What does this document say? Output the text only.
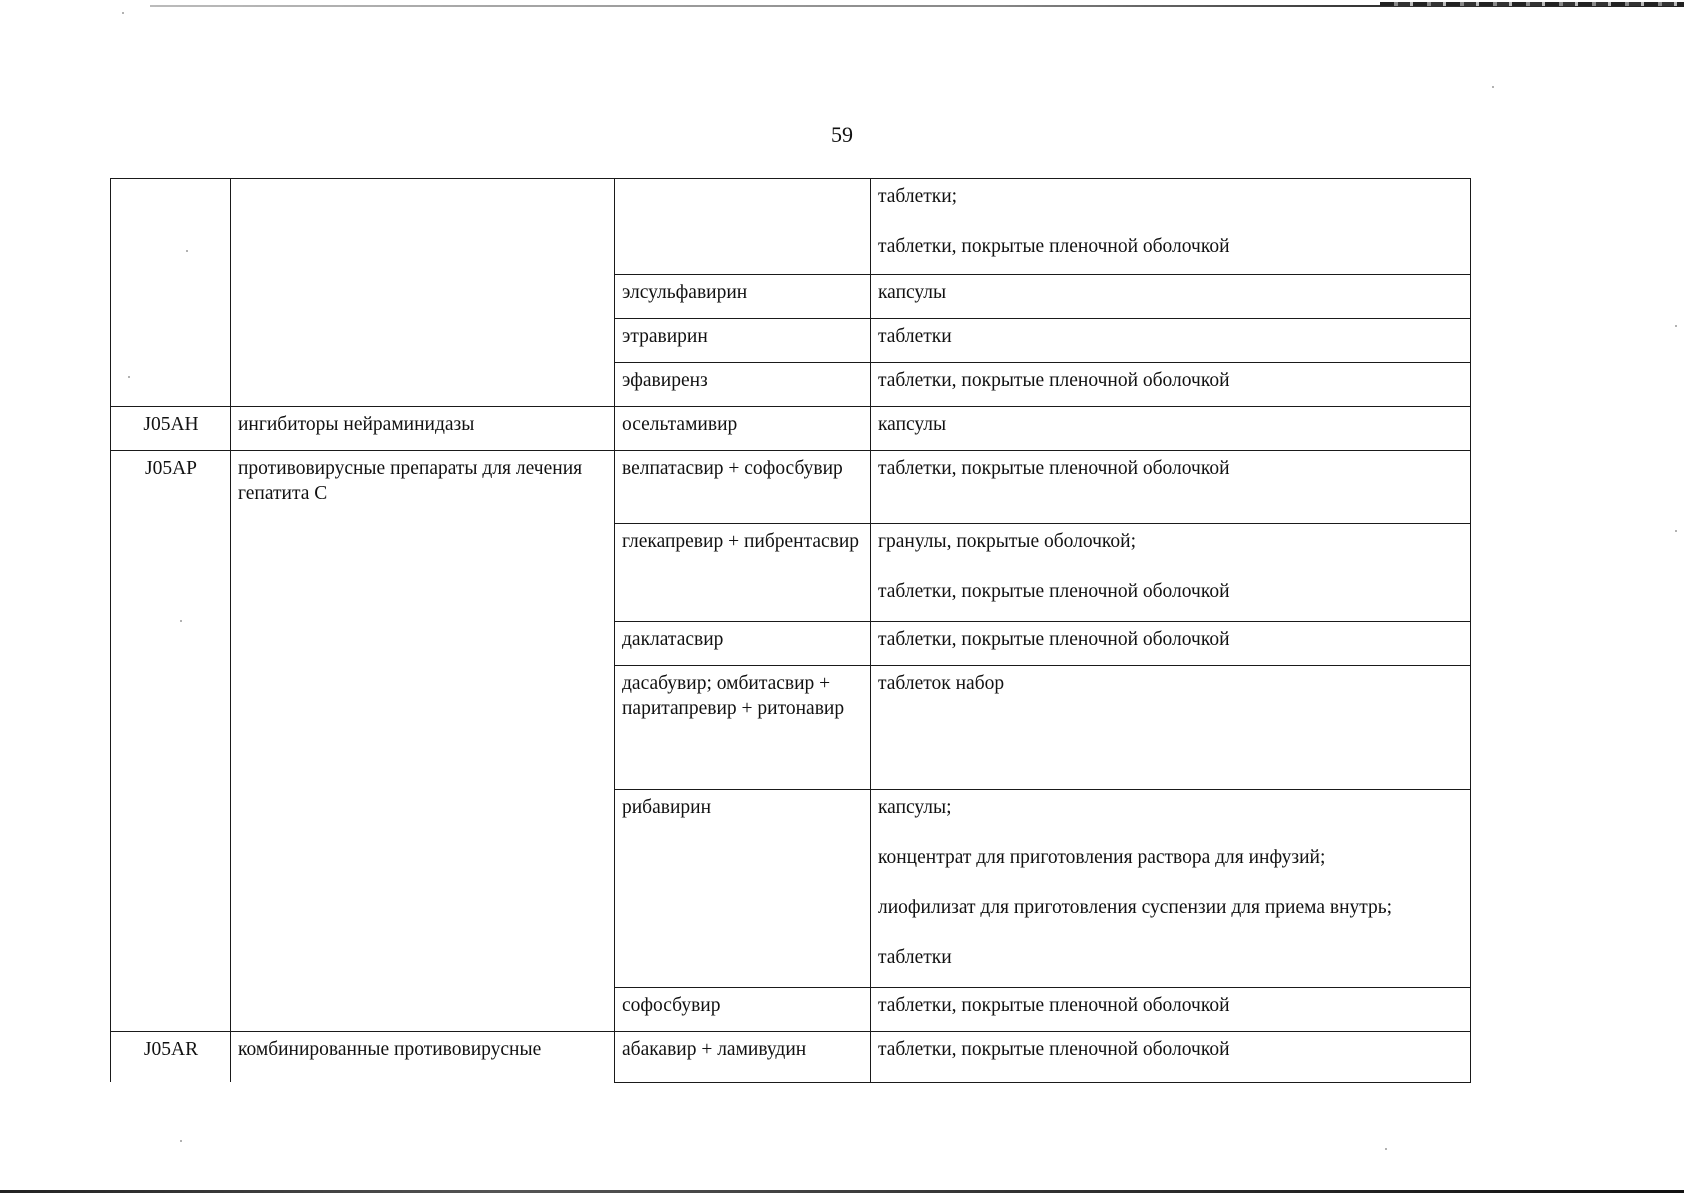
59

			таблетки;
таблетки, покрытые пленочной оболочкой

		элсульфавирин	капсулы

		этравирин	таблетки

		эфавиренз	таблетки, покрытые пленочной оболочкой

J05AH	ингибиторы нейраминидазы	осельтамивир	капсулы

J05AP	противовирусные препараты для лечения гепатита С	велпатасвир + софосбувир	таблетки, покрытые пленочной оболочкой

		глекапревир + пибрентасвир	гранулы, покрытые оболочкой;
таблетки, покрытые пленочной оболочкой

		даклатасвир	таблетки, покрытые пленочной оболочкой

		дасабувир; омбитасвир + паритапревир + ритонавир	таблеток набор

		рибавирин	капсулы;
концентрат для приготовления раствора для инфузий;
лиофилизат для приготовления суспензии для приема внутрь;
таблетки

		софосбувир	таблетки, покрытые пленочной оболочкой

J05AR	комбинированные противовирусные	абакавир + ламивудин	таблетки, покрытые пленочной оболочкой
